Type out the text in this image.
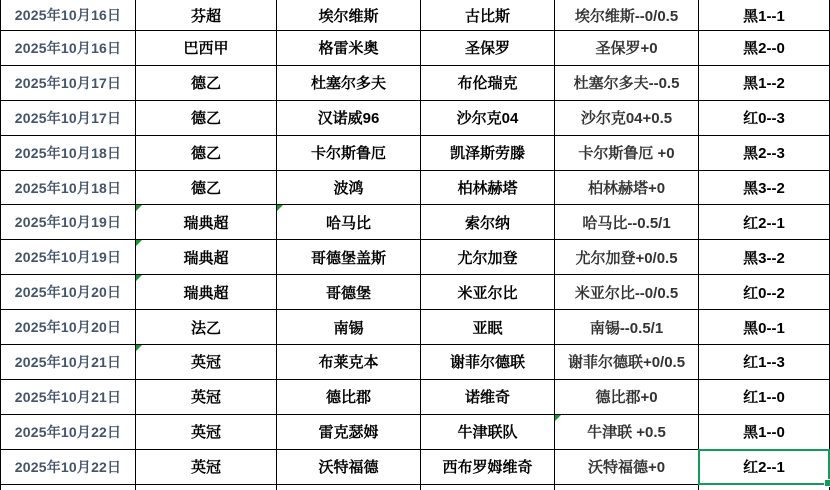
2025年10月16日	芬超	埃尔维斯	古比斯	埃尔维斯--0/0.5	黑1--1
2025年10月16日	巴西甲	格雷米奥	圣保罗	圣保罗+0	黑2--0
2025年10月17日	德乙	杜塞尔多夫	布伦瑞克	杜塞尔多夫--0.5	黑1--2
2025年10月17日	德乙	汉诺威96	沙尔克04	沙尔克04+0.5	红0--3
2025年10月18日	德乙	卡尔斯鲁厄	凯泽斯劳滕	卡尔斯鲁厄 +0	黑2--3
2025年10月18日	德乙	波鸿	柏林赫塔	柏林赫塔+0	黑3--2
2025年10月19日	瑞典超	哈马比	索尔纳	哈马比--0.5/1	红2--1
2025年10月19日	瑞典超	哥德堡盖斯	尤尔加登	尤尔加登+0/0.5	黑3--2
2025年10月20日	瑞典超	哥德堡	米亚尔比	米亚尔比--0/0.5	红0--2
2025年10月20日	法乙	南锡	亚眠	南锡--0.5/1	黑0--1
2025年10月21日	英冠	布莱克本	谢菲尔德联	谢菲尔德联+0/0.5	红1--3
2025年10月21日	英冠	德比郡	诺维奇	德比郡+0	红1--0
2025年10月22日	英冠	雷克瑟姆	牛津联队	牛津联 +0.5	黑1--0
2025年10月22日	英冠	沃特福德	西布罗姆维奇	沃特福德+0	红2--1
